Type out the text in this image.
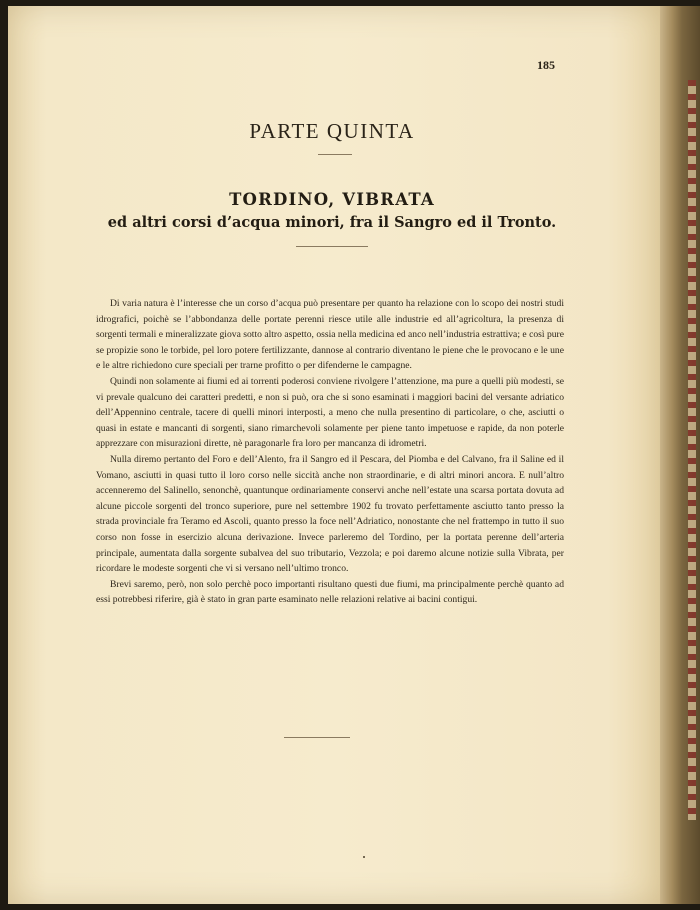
185
PARTE QUINTA
TORDINO, VIBRATA
ed altri corsi d’acqua minori, fra il Sangro ed il Tronto.

Di varia natura è l’interesse che un corso d’acqua può presentare per quanto ha relazione con lo scopo dei nostri studi idrografici, poichè se l’abbondanza delle portate perenni riesce utile alle industrie ed all’agricoltura, la presenza di sorgenti termali e mineralizzate giova sotto altro aspetto, ossia nella medicina ed anco nell’industria estrattiva; e così pure se propizie sono le torbide, pel loro potere fertilizzante, dannose al contrario diventano le piene che le provocano e le une e le altre richiedono cure speciali per trarne profitto o per difenderne le campagne.

Quindi non solamente ai fiumi ed ai torrenti poderosi conviene rivolgere l’attenzione, ma pure a quelli più modesti, se vi prevale qualcuno dei caratteri predetti, e non si può, ora che si sono esaminati i maggiori bacini del versante adriatico dell’Appennino centrale, tacere di quelli minori interposti, a meno che nulla presentino di particolare, o che, asciutti o quasi in estate e mancanti di sorgenti, siano rimarchevoli solamente per piene tanto impetuose e rapide, da non poterle apprezzare con misurazioni dirette, nè paragonarle fra loro per mancanza di idrometri.

Nulla diremo pertanto del Foro e dell’Alento, fra il Sangro ed il Pescara, del Piomba e del Calvano, fra il Saline ed il Vomano, asciutti in quasi tutto il loro corso nelle siccità anche non straordinarie, e di altri minori ancora. E null’altro accenneremo del Salinello, senonchè, quantunque ordinariamente conservi anche nell’estate una scarsa portata dovuta ad alcune piccole sorgenti del tronco superiore, pure nel settembre 1902 fu trovato perfettamente asciutto tanto presso la strada provinciale fra Teramo ed Ascoli, quanto presso la foce nell’Adriatico, nonostante che nel frattempo in tutto il suo corso non fosse in esercizio alcuna derivazione. Invece parleremo del Tordino, per la portata perenne dell’arteria principale, aumentata dalla sorgente subalvea del suo tributario, Vezzola; e poi daremo alcune notizie sulla Vibrata, per ricordare le modeste sorgenti che vi si versano nell’ultimo tronco.

Brevi saremo, però, non solo perchè poco importanti risultano questi due fiumi, ma principalmente perchè quanto ad essi potrebbesi riferire, già è stato in gran parte esaminato nelle relazioni relative ai bacini contigui.
